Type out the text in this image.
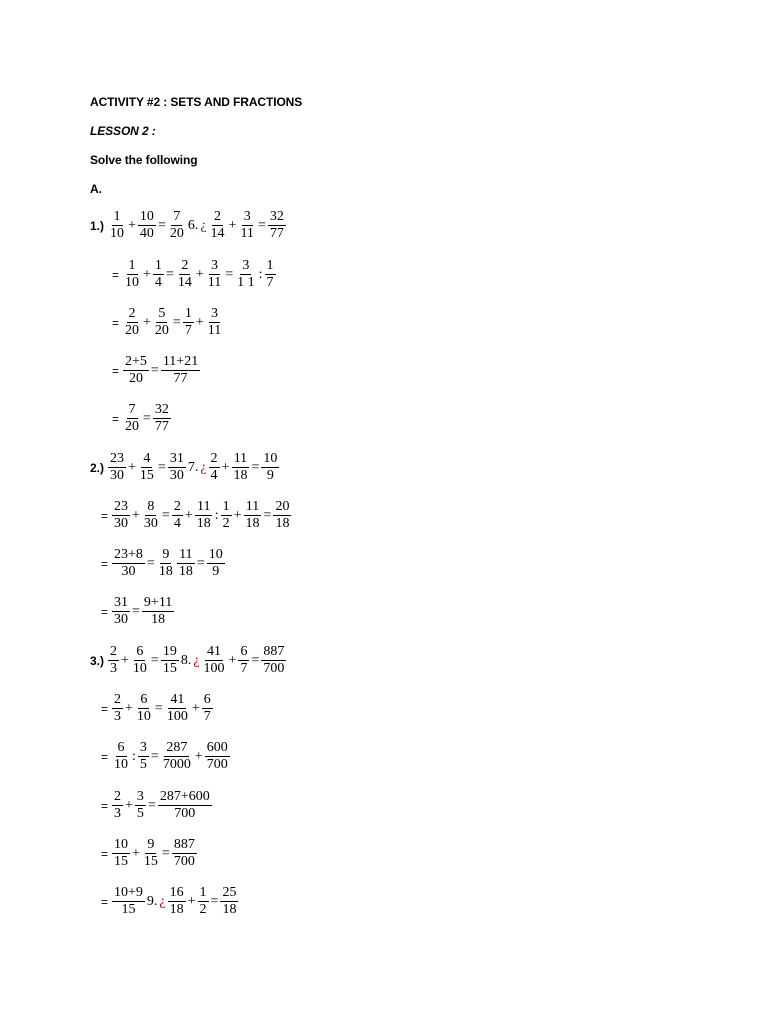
ACTIVITY #2 : SETS AND FRACTIONS
LESSON 2 :
Solve the following
A.
$1.) \frac{1}{10} + \frac{10}{40} = \frac{7}{20} 6$. ¿ $\frac{2}{14} + \frac{3}{11} = \frac{32}{77}$
= $\frac{1}{10} + \frac{1}{4} = \frac{2}{14} + \frac{3}{11} = \frac{3}{1 1}$ : $\frac{1}{7}$
= $\frac{2}{20} + \frac{5}{20} = \frac{1}{7} + \frac{3}{11}$
= $\frac{2+5}{20} = \frac{11+21}{77}$
= $\frac{7}{20} = \frac{32}{77}$
$2.) \frac{23}{30} + \frac{4}{15} = \frac{31}{30} 7$. ¿ $\frac{2}{4} + \frac{11}{18} = \frac{10}{9}$
= $\frac{23}{30} + \frac{8}{30} = \frac{2}{4} + \frac{11}{18}$ : $\frac{1}{2} + \frac{11}{18} = \frac{20}{18}$
= $\frac{23+8}{30} = \frac{9}{18} \frac{11}{18} = \frac{10}{9}$
= $\frac{31}{30} = \frac{9+11}{18}$
$3.) \frac{2}{3} + \frac{6}{10} = \frac{19}{15} 8$. ¿ $\frac{41}{100} + \frac{6}{7} = \frac{887}{700}$
= $\frac{2}{3} + \frac{6}{10} = \frac{41}{100} + \frac{6}{7}$
= $\frac{6}{10}$ : $\frac{3}{5} = \frac{287}{7000} + \frac{600}{700}$
= $\frac{2}{3} + \frac{3}{5} = \frac{287+600}{700}$
= $\frac{10}{15} + \frac{9}{15} = \frac{887}{700}$
= $\frac{10+9}{15} 9$. ¿ $\frac{16}{18} + \frac{1}{2} = \frac{25}{18}$
